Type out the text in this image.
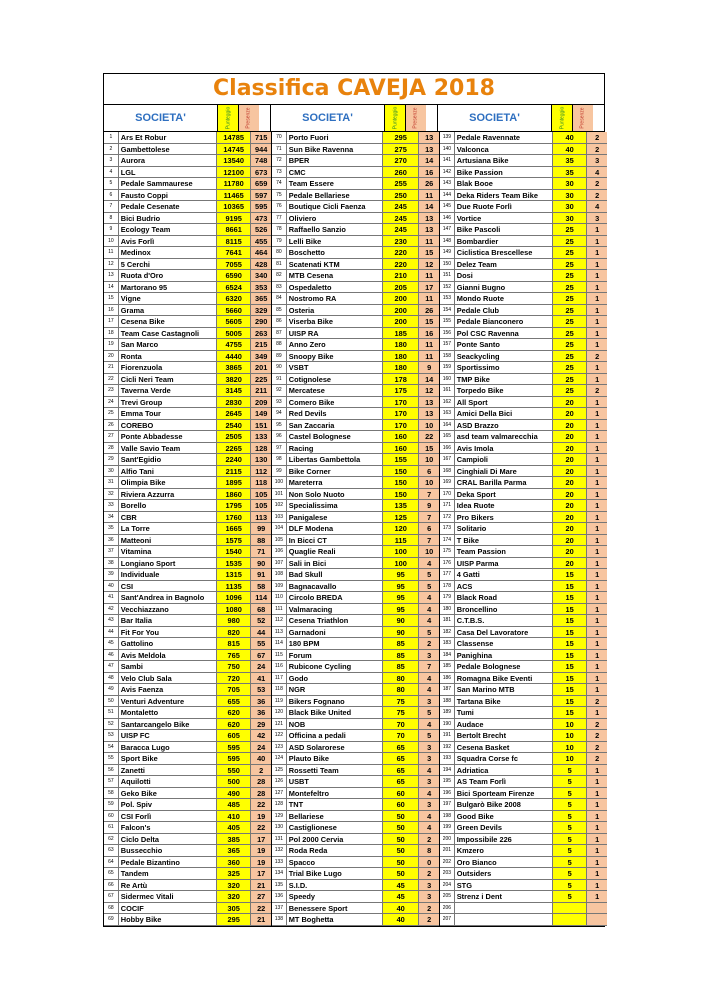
Classifica CAVEJA 2018
SOCIETA'	Punteggio	Presenze	SOCIETA'	Punteggio	Presenze	SOCIETA'	Punteggio	Presenze
1	Ars Et Robur	14785	715
2	Gambettolese	14745	944
3	Aurora	13540	748
4	LGL	12100	673
5	Pedale Sammaurese	11780	659
6	Fausto Coppi	11465	597
7	Pedale Cesenate	10365	595
8	Bici Budrio	9195	473
9	Ecology Team	8661	526
10 Avis Forlì	8115	455
11 Medinox	7641	464
12 5 Cerchi	7055	428
13 Ruota d'Oro	6590	340
14 Martorano 95	6524	353
15 Vigne	6320	365
16 Grama	5660	329
17 Cesena Bike	5605	290
18 Team Case Castagnoli	5005	263
19 San Marco	4755	215
20 Ronta	4440	349
21 Fiorenzuola	3865	201
22 Cicli Neri Team	3820	225
23 Taverna Verde	3145	211
24 Trevi Group	2830	209
25 Emma Tour	2645	149
26 COREBO	2540	151
27 Ponte Abbadesse	2505	133
28 Valle Savio Team	2265	128
29 Sant'Egidio	2240	130
30 Alfio Tani	2115	112
31 Olimpia Bike	1895	118
32 Riviera Azzurra	1860	105
33 Borello	1795	105
34 CBR	1760	113
35 La Torre	1665	99
36 Matteoni	1575	88
37 Vitamina	1540	71
38 Longiano Sport	1535	90
39 Individuale	1315	91
40 CSI	1135	58
41 Sant'Andrea in Bagnolo	1096	114
42 Vecchiazzano	1080	68
43 Bar Italia	980	52
44 Fit For You	820	44
45 Gattolino	815	55
46 Avis Meldola	765	67
47 Sambi	750	24
48 Velo Club Sala	720	41
49 Avis Faenza	705	53
50 Venturi Adventure	655	36
51 Montaletto	620	36
52 Santarcangelo Bike	620	29
53 UISP FC	605	42
54 Baracca Lugo	595	24
55 Sport Bike	595	40
56 Zanetti	550	2
57 Aquilotti	500	28
58 Geko Bike	490	28
59 Pol. Spiv	485	22
60 CSI Forlì	410	19
61 Falcon's	405	22
62 Ciclo Delta	385	17
63 Bussecchio	365	19
64 Pedale Bizantino	360	19
65 Tandem	325	17
66 Re Artù	320	21
67 Sidermec Vitali	320	27
68 COCIF	305	22
69 Hobby Bike	295	21
70 Porto Fuori	295	13
71 Sun Bike Ravenna	275	13
72 BPER	270	14
73 CMC	260	16
74 Team Essere	255	26
75 Pedale Bellariese	250	11
76 Boutique Cicli Faenza	245	14
77 Oliviero	245	13
78 Raffaello Sanzio	245	13
79 Lelli Bike	230	11
80 Boschetto	220	15
81 Scatenati KTM	220	12
82 MTB Cesena	210	11
83 Ospedaletto	205	17
84 Nostromo RA	200	11
85 Osteria	200	26
86 Viserba Bike	200	15
87 UISP RA	185	16
88 Anno Zero	180	11
89 Snoopy Bike	180	11
90 VSBT	180	9
91 Cotignolese	178	14
92 Mercatese	175	12
93 Comero Bike	170	13
94 Red Devils	170	13
95 San Zaccaria	170	10
96 Castel Bolognese	160	22
97 Racing	160	15
98 Libertas Gambettola	155	10
99 Bike Corner	150	6
100 Mareterra	150	10
101 Non Solo Nuoto	150	7
102 Specialissima	135	9
103 Panigalese	125	7
104 DLF Modena	120	6
105 In Bicci CT	115	7
106 Quaglie Reali	100	10
107 Sali in Bici	100	4
108 Bad Skull	95	5
109 Bagnacavallo	95	5
110 Circolo BREDA	95	4
111 Valmaracing	95	4
112 Cesena Triathlon	90	4
113 Garnadoni	90	5
114 180 BPM	85	2
115 Forum	85	3
116 Rubicone Cycling	85	7
117 Godo	80	4
118 NGR	80	4
119 Bikers Fognano	75	3
120 Black Bike United	75	5
121 NOB	70	4
122 Officina a pedali	70	5
123 ASD Solarorese	65	3
124 Plauto Bike	65	3
125 Rossetti Team	65	4
126 USBT	65	3
127 Montefeltro	60	4
128 TNT	60	3
129 Bellariese	50	4
130 Castiglionese	50	4
131 Pol 2000 Cervia	50	2
132 Roda Reda	50	8
133 Spacco	50	0
134 Trial Bike Lugo	50	2
135 S.I.D.	45	3
136 Speedy	45	3
137 Benessere Sport	40	2
138 MT Boghetta	40	2
139 Pedale Ravennate	40	2
140 Valconca	40	2
141 Artusiana Bike	35	3
142 Bike Passion	35	4
143 Blak Booe	30	2
144 Deka Riders Team Bike	30	2
145 Due Ruote Forlì	30	4
146 Vortice	30	3
147 Bike Pascoli	25	1
148 Bombardier	25	1
149 Ciclistica Brescellese	25	1
150 Delez Team	25	1
151 Dosi	25	1
152 Gianni Bugno	25	1
153 Mondo Ruote	25	1
154 Pedale Club	25	1
155 Pedale Bianconero	25	1
156 Pol CSC Ravenna	25	1
157 Ponte Santo	25	1
158 Seackycling	25	2
159 Sportissimo	25	1
160 TMP Bike	25	1
161 Torpedo Bike	25	2
162 All Sport	20	1
163 Amici Della Bici	20	1
164 ASD Brazzo	20	1
165 asd team valmarecchia	20	1
166 Avis Imola	20	1
167 Campioli	20	1
168 Cinghiali Di Mare	20	1
169 CRAL Barilla Parma	20	1
170 Deka Sport	20	1
171 Idea Ruote	20	1
172 Pro Bikers	20	1
173 Solitario	20	1
174 T Bike	20	1
175 Team Passion	20	1
176 UISP Parma	20	1
177 4 Gatti	15	1
178 ACS	15	1
179 Black Road	15	1
180 Broncellino	15	1
181 C.T.B.S.	15	1
182 Casa Del Lavoratore	15	1
183 Classense	15	1
184 Panighina	15	1
185 Pedale Bolognese	15	1
186 Romagna Bike Eventi	15	1
187 San Marino MTB	15	1
188 Tartana Bike	15	2
189 Tumi	15	1
190 Audace	10	2
191 Bertolt Brecht	10	2
192 Cesena Basket	10	2
193 Squadra Corse fc	10	2
194 Adriatica	5	1
195 AS Team Forlì	5	1
196 Bici Sporteam Firenze	5	1
197 Bulgarò Bike 2008	5	1
198 Good Bike	5	1
199 Green Devils	5	1
200 Impossibile 226	5	1
201 Kmzero	5	1
202 Oro Bianco	5	1
203 Outsiders	5	1
204 STG	5	1
205 Strenz i Dent	5	1
206
207
